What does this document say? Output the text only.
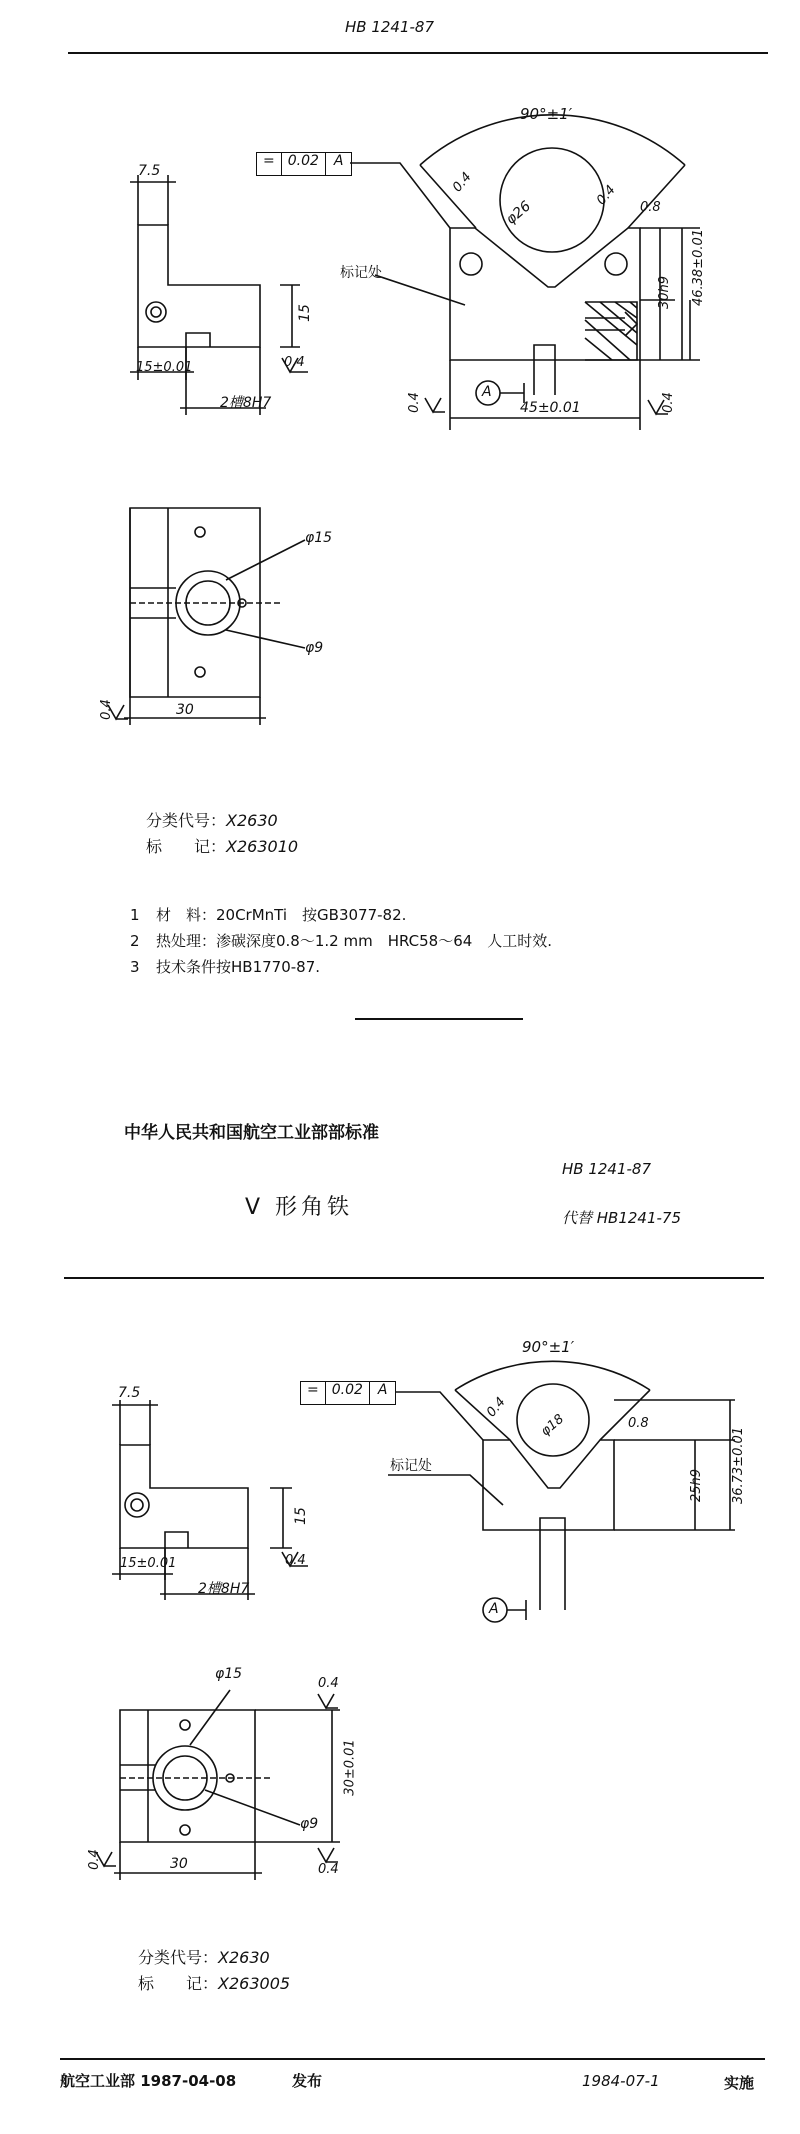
HB 1241-87
= 0.02	A
90°±1′
7.5
15
15±0.01	0.4
2槽8H7
φ26
0.4
0.4 0.8
30h9 46.38±0.01
45±0.01
标记处
A
0.4	0.4
φ15
φ9
30
0.4
分类代号：X2630
标　　记：X263010
1 材　料：20CrMnTi　按GB3077-82.
2 热处理：渗碳深度0.8～1.2 mm　HRC58～64　人工时效.
3 技术条件按HB1770-87.
中华人民共和国航空工业部部标准
HB 1241-87
V 形角铁	代替 HB1241-75
= 0.02	A
90°±1′
7.5
15
15±0.01
2槽8H7
0.4
φ18
0.4
0.8
25h9 36.73±0.01
标记处
A
φ15
φ9
30±0.01
0.4
0.4
30
0.4
分类代号：X2630
标　　记：X263005
航空工业部 1987-04-08	发布	1984-07-1	实施
